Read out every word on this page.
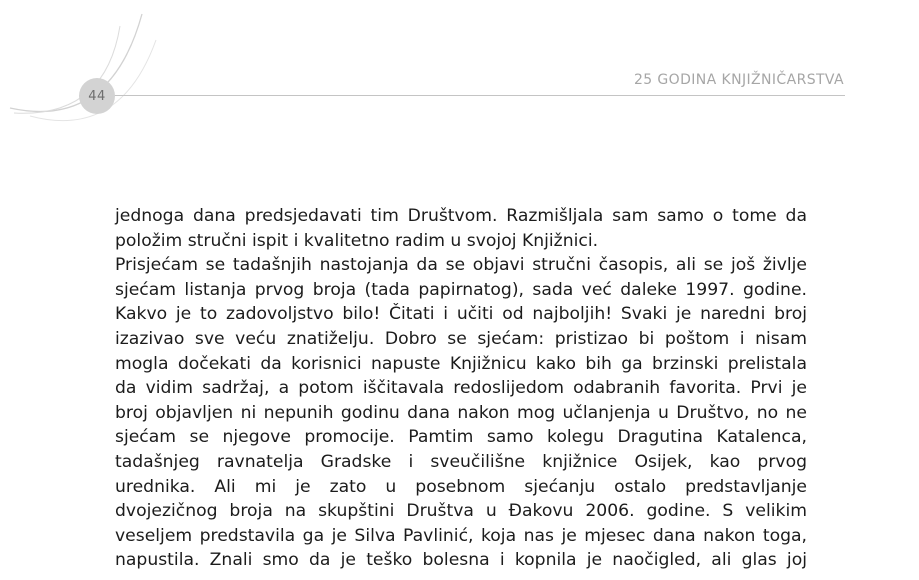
44
25 GODINA KNJIŽNIČARSTVA
jednoga dana predsjedavati tim Društvom. Razmišljala sam samo o tome da
položim stručni ispit i kvalitetno radim u svojoj Knjižnici.
Prisjećam se tadašnjih nastojanja da se objavi stručni časopis, ali se još življe
sjećam listanja prvog broja (tada papirnatog), sada već daleke 1997. godine.
Kakvo je to zadovoljstvo bilo! Čitati i učiti od najboljih! Svaki je naredni broj
izazivao sve veću znatiželju. Dobro se sjećam: pristizao bi poštom i nisam
mogla dočekati da korisnici napuste Knjižnicu kako bih ga brzinski prelistala
da vidim sadržaj, a potom iščitavala redoslijedom odabranih favorita. Prvi je
broj objavljen ni nepunih godinu dana nakon mog učlanjenja u Društvo, no ne
sjećam se njegove promocije. Pamtim samo kolegu Dragutina Katalenca,
tadašnjeg ravnatelja Gradske i sveučilišne knjižnice Osijek, kao prvog
urednika. Ali mi je zato u posebnom sjećanju ostalo predstavljanje
dvojezičnog broja na skupštini Društva u Đakovu 2006. godine. S velikim
veseljem predstavila ga je Silva Pavlinić, koja nas je mjesec dana nakon toga,
napustila. Znali smo da je teško bolesna i kopnila je naočigled, ali glas joj
